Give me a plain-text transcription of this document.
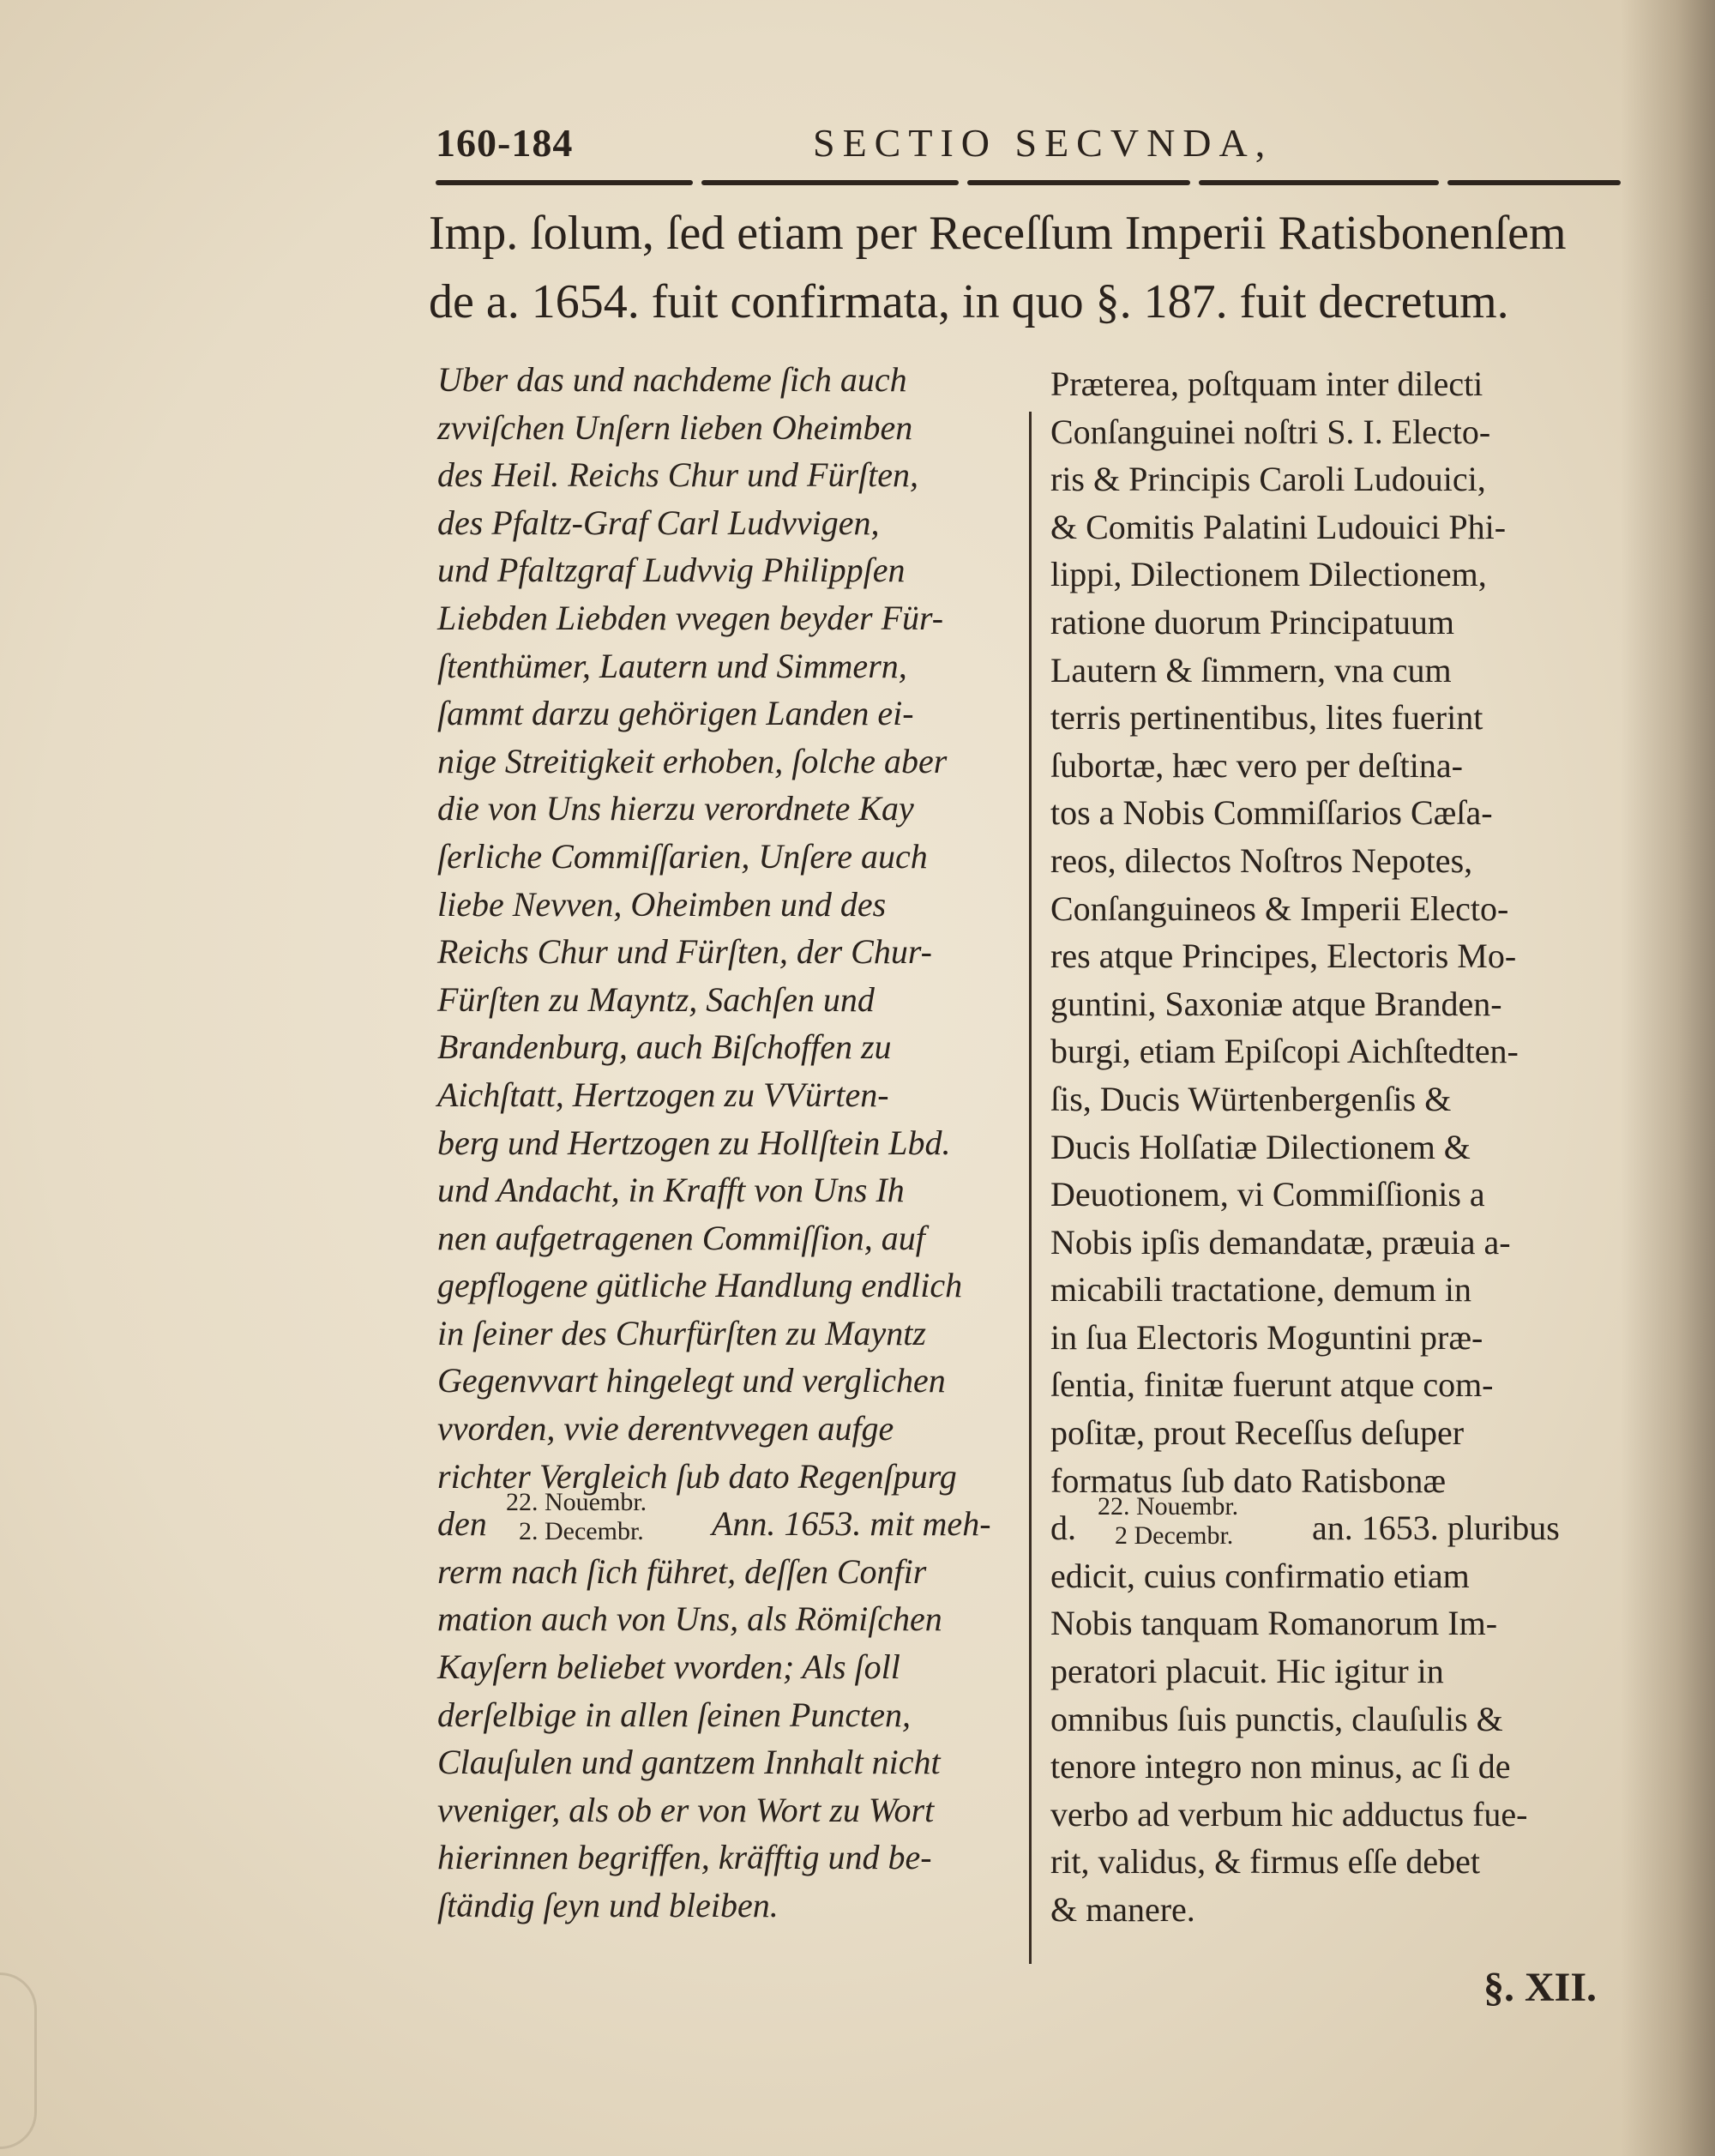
160-184	SECTIO SECVNDA,
Imp. ſolum, ſed etiam per Receſſum Imperii Ratisbonenſem
de a. 1654. fuit confirmata, in quo §. 187. fuit decretum.
Uber das und nachdeme ſich auch
zvviſchen Unſern lieben Oheimben
des Heil. Reichs Chur und Fürſten,
des Pfaltz-Graf Carl Ludvvigen,
und Pfaltzgraf Ludvvig Philippſen
Liebden Liebden vvegen beyder Für-
ſtenthümer, Lautern und Simmern,
ſammt darzu gehörigen Landen ei-
nige Streitigkeit erhoben, ſolche aber
die von Uns hierzu verordnete Kay
ſerliche Commiſſarien, Unſere auch
liebe Nevven, Oheimben und des
Reichs Chur und Fürſten, der Chur-
Fürſten zu Mayntz, Sachſen und
Brandenburg, auch Biſchoffen zu
Aichſtatt, Hertzogen zu VVürten-
berg und Hertzogen zu Hollſtein Lbd.
und Andacht, in Krafft von Uns Ih
nen aufgetragenen Commiſſion, auf
gepflogene gütliche Handlung endlich
in ſeiner des Churfürſten zu Mayntz
Gegenvvart hingelegt und verglichen
vvorden, vvie derentvvegen aufge
richter Vergleich ſub dato Regenſpurg
den
22. Nouembr.
2. Decembr. Ann. 1653. mit meh-
rerm nach ſich führet, deſſen Confir
mation auch von Uns, als Römiſchen
Kayſern beliebet vvorden; Als ſoll
derſelbige in allen ſeinen Puncten,
Clauſulen und gantzem Innhalt nicht
vveniger, als ob er von Wort zu Wort
hierinnen begriffen, kräfftig und be-
ſtändig ſeyn und bleiben.
Præterea, poſtquam inter dilecti
Conſanguinei noſtri S. I. Electo-
ris & Principis Caroli Ludouici,
& Comitis Palatini Ludouici Phi-
lippi, Dilectionem Dilectionem,
ratione duorum Principatuum
Lautern & ſimmern, vna cum
terris pertinentibus, lites fuerint
ſubortæ, hæc vero per deſtina-
tos a Nobis Commiſſarios Cæſa-
reos, dilectos Noſtros Nepotes,
Conſanguineos & Imperii Electo-
res atque Principes, Electoris Mo-
guntini, Saxoniæ atque Branden-
burgi, etiam Epiſcopi Aichſtedten-
ſis, Ducis Würtenbergenſis &
Ducis Holſatiæ Dilectionem &
Deuotionem, vi Commiſſionis a
Nobis ipſis demandatæ, præuia a-
micabili tractatione, demum in
in ſua Electoris Moguntini præ-
ſentia, finitæ fuerunt atque com-
poſitæ, prout Receſſus deſuper
formatus ſub dato Ratisbonæ
d.
22. Nouembr.
2 Decembr. an. 1653. pluribus
edicit, cuius confirmatio etiam
Nobis tanquam Romanorum Im-
peratori placuit. Hic igitur in
omnibus ſuis punctis, clauſulis &
tenore integro non minus, ac ſi de
verbo ad verbum hic adductus fue-
rit, validus, & firmus eſſe debet
& manere.
§. XII.
